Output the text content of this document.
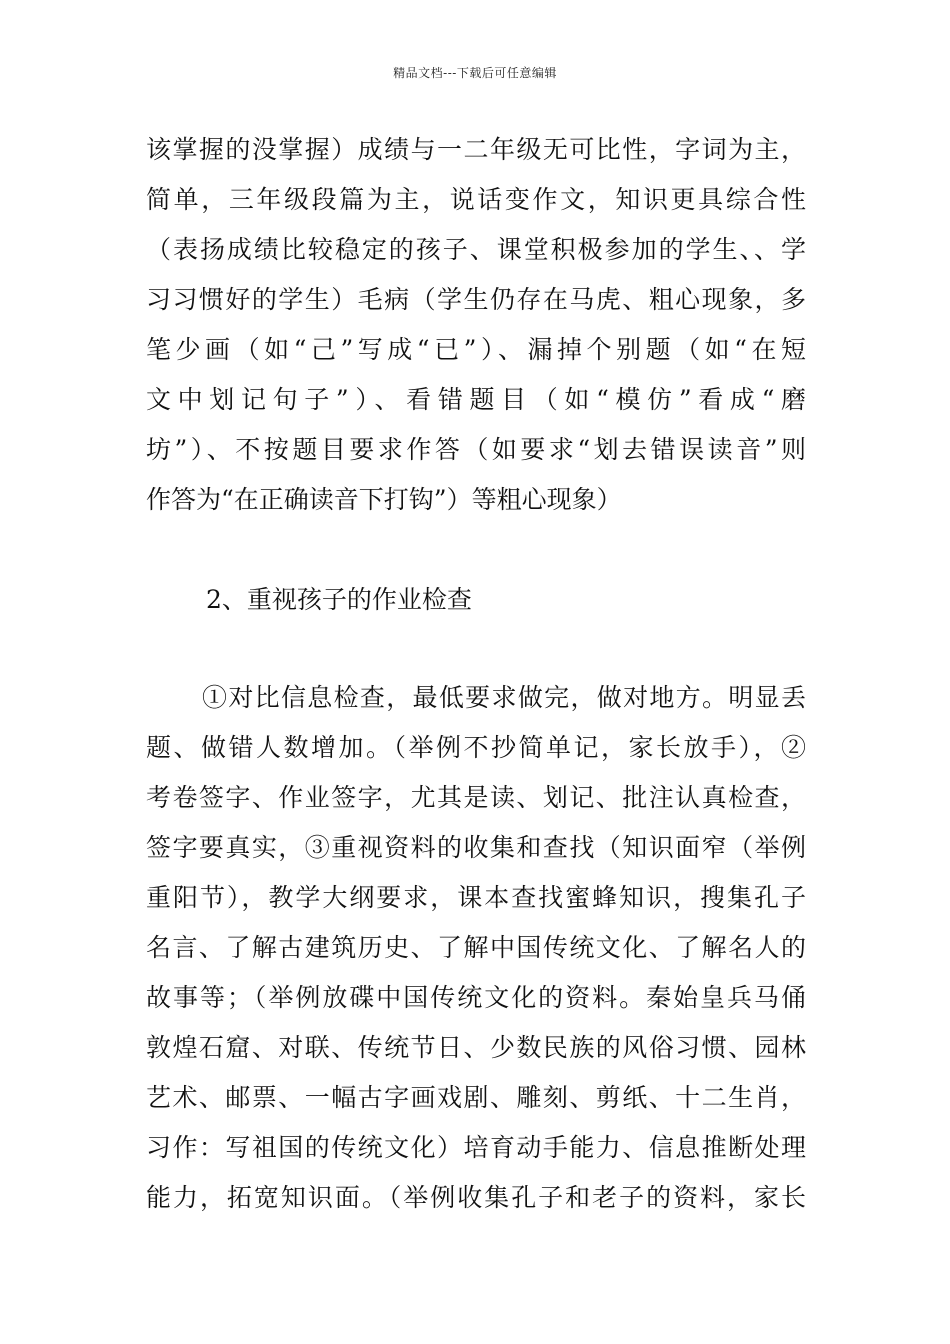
精品文档---下载后可任意编辑
该掌握的没掌握）成绩与一二年级无可比性，字词为主，
简单，三年级段篇为主，说话变作文，知识更具综合性
（表扬成绩比较稳定的孩子、课堂积极参加的学生、、学
习习惯好的学生）毛病（学生仍存在马虎、粗心现象，多
笔少画（如“己”写成“已”）、漏掉个别题（如“在短
文中划记句子”）、看错题目（如“模仿”看成“磨
坊”）、不按题目要求作答（如要求“划去错误读音”则
作答为“在正确读音下打钩”）等粗心现象）
2、重视孩子的作业检查
①对比信息检查，最低要求做完，做对地方。明显丢
题、做错人数增加。（举例不抄简单记，家长放手），②
考卷签字、作业签字，尤其是读、划记、批注认真检查，
签字要真实，③重视资料的收集和查找（知识面窄（举例
重阳节），教学大纲要求，课本查找蜜蜂知识，搜集孔子
名言、了解古建筑历史、了解中国传统文化、了解名人的
故事等；（举例放碟中国传统文化的资料。秦始皇兵马俑
敦煌石窟、对联、传统节日、少数民族的风俗习惯、园林
艺术、邮票、一幅古字画戏剧、雕刻、剪纸、十二生肖，
习作：写祖国的传统文化）培育动手能力、信息推断处理
能力，拓宽知识面。（举例收集孔子和老子的资料，家长
